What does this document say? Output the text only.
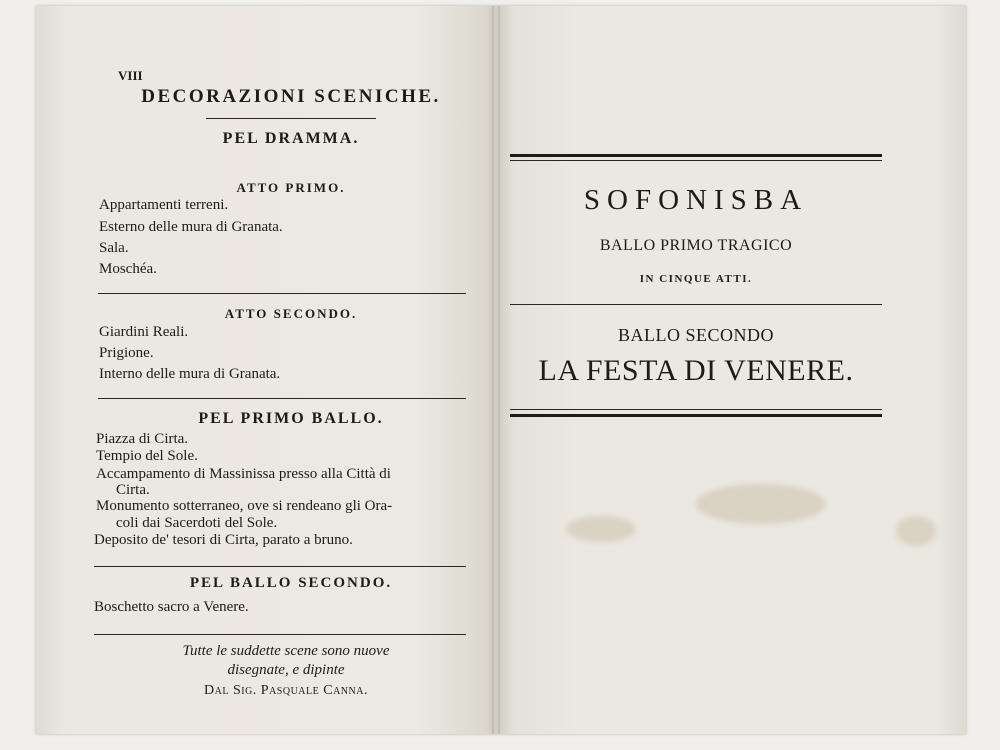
VIII
DECORAZIONI SCENICHE.
PEL DRAMMA.
ATTO PRIMO.
Appartamenti terreni.
Esterno delle mura di Granata.
Sala.
Moschéa.
ATTO SECONDO.
Giardini Reali.
Prigione.
Interno delle mura di Granata.
PEL PRIMO BALLO.
Piazza di Cirta.
Tempio del Sole.
Accampamento di Massinissa presso alla Città di
Cirta.
Monumento sotterraneo, ove si rendeano gli Ora-
coli dai Sacerdoti del Sole.
Deposito de' tesori di Cirta, parato a bruno.
PEL BALLO SECONDO.
Boschetto sacro a Venere.
Tutte le suddette scene sono nuove
disegnate, e dipinte
Dal Sig. Pasquale Canna.
SOFONISBA
BALLO PRIMO TRAGICO
IN CINQUE ATTI.
BALLO SECONDO
LA FESTA DI VENERE.
